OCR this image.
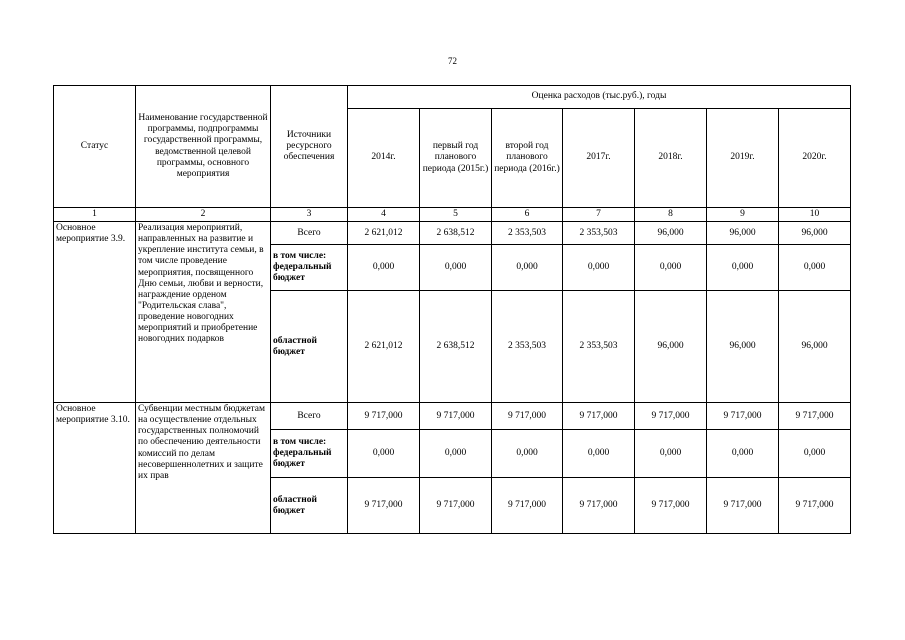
72
Статус	Наименование государственной программы, подпрограммы государственной программы, ведомственной целевой программы, основного мероприятия	Источники ресурсного обеспечения	Оценка расходов (тыс.руб.), годы						
			2014г.	первый год планового периода (2015г.)	второй год планового периода (2016г.)	2017г.	2018г.	2019г.	2020г.
1	2	3	4	5	6	7	8	9	10
Основное мероприятие 3.9.	Реализация мероприятий, направленных на развитие и укрепление института семьи, в том числе проведение мероприятия, посвященного Дню семьи, любви и верности, награждение орденом "Родительская слава", проведение новогодних мероприятий и приобретение новогодних подарков	Всего	2 621,012	2 638,512	2 353,503	2 353,503	96,000	96,000	96,000
		в том числе: федеральный бюджет	0,000	0,000	0,000	0,000	0,000	0,000	0,000
		областной бюджет	2 621,012	2 638,512	2 353,503	2 353,503	96,000	96,000	96,000
Основное мероприятие 3.10.	Субвенции местным бюджетам на осуществление отдельных государственных полномочий по обеспечению деятельности комиссий по делам несовершеннолетних и защите их прав	Всего	9 717,000	9 717,000	9 717,000	9 717,000	9 717,000	9 717,000	9 717,000
		в том числе: федеральный бюджет	0,000	0,000	0,000	0,000	0,000	0,000	0,000
		областной бюджет	9 717,000	9 717,000	9 717,000	9 717,000	9 717,000	9 717,000	9 717,000
